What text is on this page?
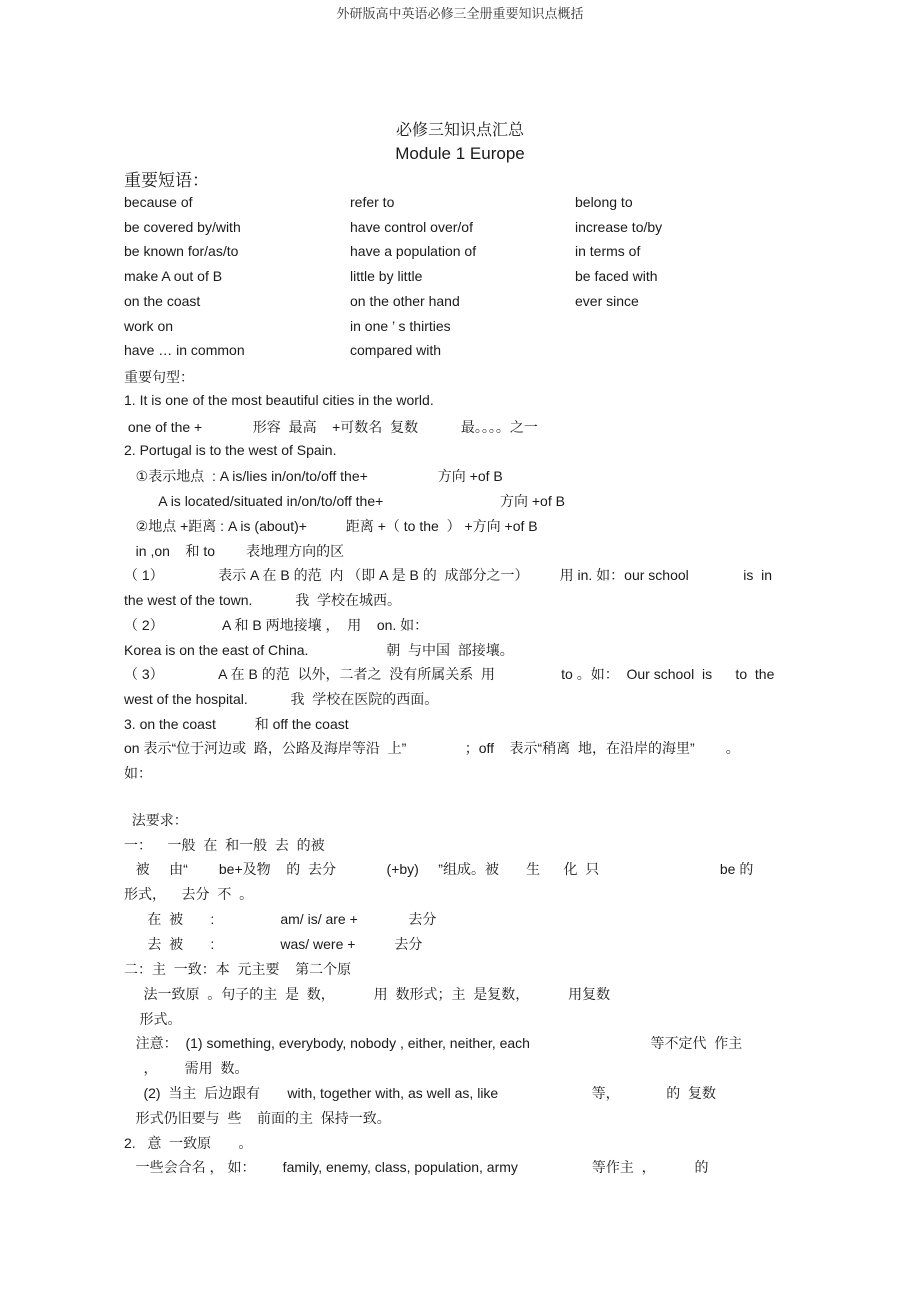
外研版高中英语必修三全册重要知识点概括
必修三知识点汇总
Module 1 Europe
重要短语：
because of	refer to	belong to
be covered by/with	have control over/of	increase to/by
be known for/as/to	have a population of	in terms of
make A out of B	little by little	be faced with
on the coast	on the other hand	ever since
work on	in one ’ s thirties
have … in common	compared with
重要句型：
1. It is one of the most beautiful cities in the world.
one of the +             形容  最高    +可数名  复数           最。。。。之一
2. Portugal is to the west of Spain.
①表示地点  : A is/lies in/on/to/off the+                  方向 +of B
A is located/situated in/on/to/off the+                              方向 +of B
②地点 +距离 : A is (about)+          距离 +（ to the  ） +方向 +of B
in ,on    和 to        表地理方向的区
（ 1）              表示 A 在 B 的范  内 （即 A 是 B 的  成部分之一）        用 in. 如：our school              is  in
the west of the town.           我  学校在城西。
（ 2）               A 和 B 两地接壤 ，  用    on. 如：
Korea is on the east of China.                    朝  与中国  部接壤。
（ 3）              A 在 B 的范  以外，二者之  没有所属关系  用                 to 。如：  Our school  is      to  the
west of the hospital.           我  学校在医院的西面。
3. on the coast          和 off the coast
on 表示“位于河边或  路，公路及海岸等沿  上”               ；off    表示“稍离  地，在沿岸的海里”        。
如：
法要求：
一：    一般  在  和一般  去  的被
被     由“        be+及物    的  去分             (+by)     ”组成。被       生      化  只                               be 的
形式，    去分  不  。
在  被       :                 am/ is/ are +             去分
去  被       :                 was/ were +          去分
二：主  一致：本  元主要    第二个原
法一致原  。句子的主  是  数，          用  数形式；主  是复数，          用复数
形式。
注意：  (1) something, everybody, nobody , either, neither, each                               等不定代  作主
，       需用  数。
(2)  当主  后边跟有       with, together with, as well as, like                        等，            的  复数
形式仍旧要与  些    前面的主  保持一致。
2.   意  一致原       。
一些会合名 ， 如：       family, enemy, class, population, army                   等作主  ，          的
